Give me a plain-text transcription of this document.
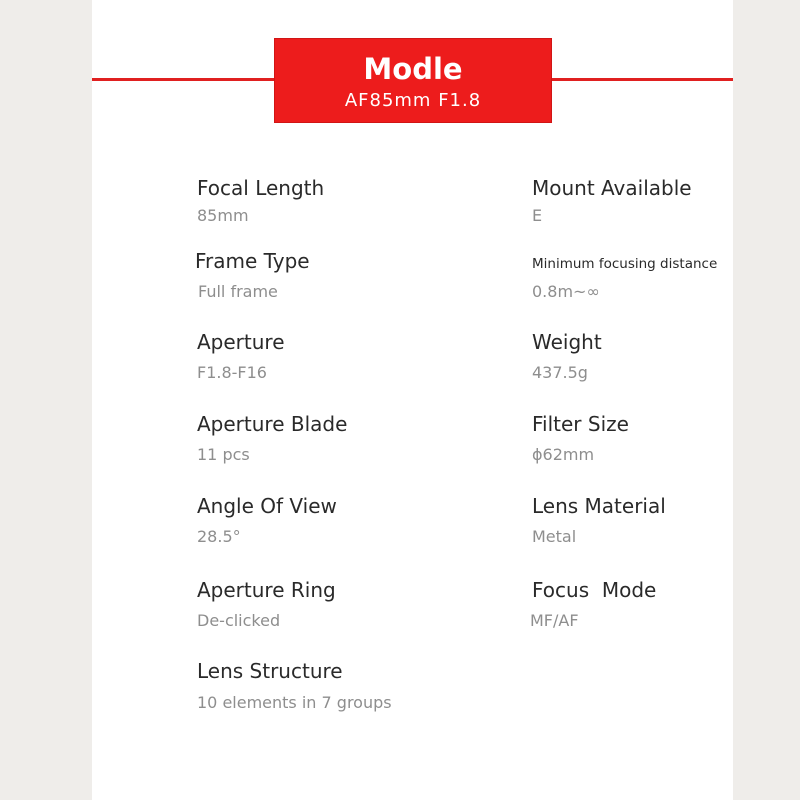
Modle
AF85mm F1.8
Focal Length
85mm
Frame Type
Full frame
Aperture
F1.8-F16
Aperture Blade
11 pcs
Angle Of View
28.5°
Aperture Ring
De-clicked
Lens Structure
10 elements in 7 groups
Mount Available
E
Minimum focusing distance
0.8m~∞
Weight
437.5g
Filter Size
ϕ62mm
Lens Material
Metal
Focus  Mode
MF/AF
